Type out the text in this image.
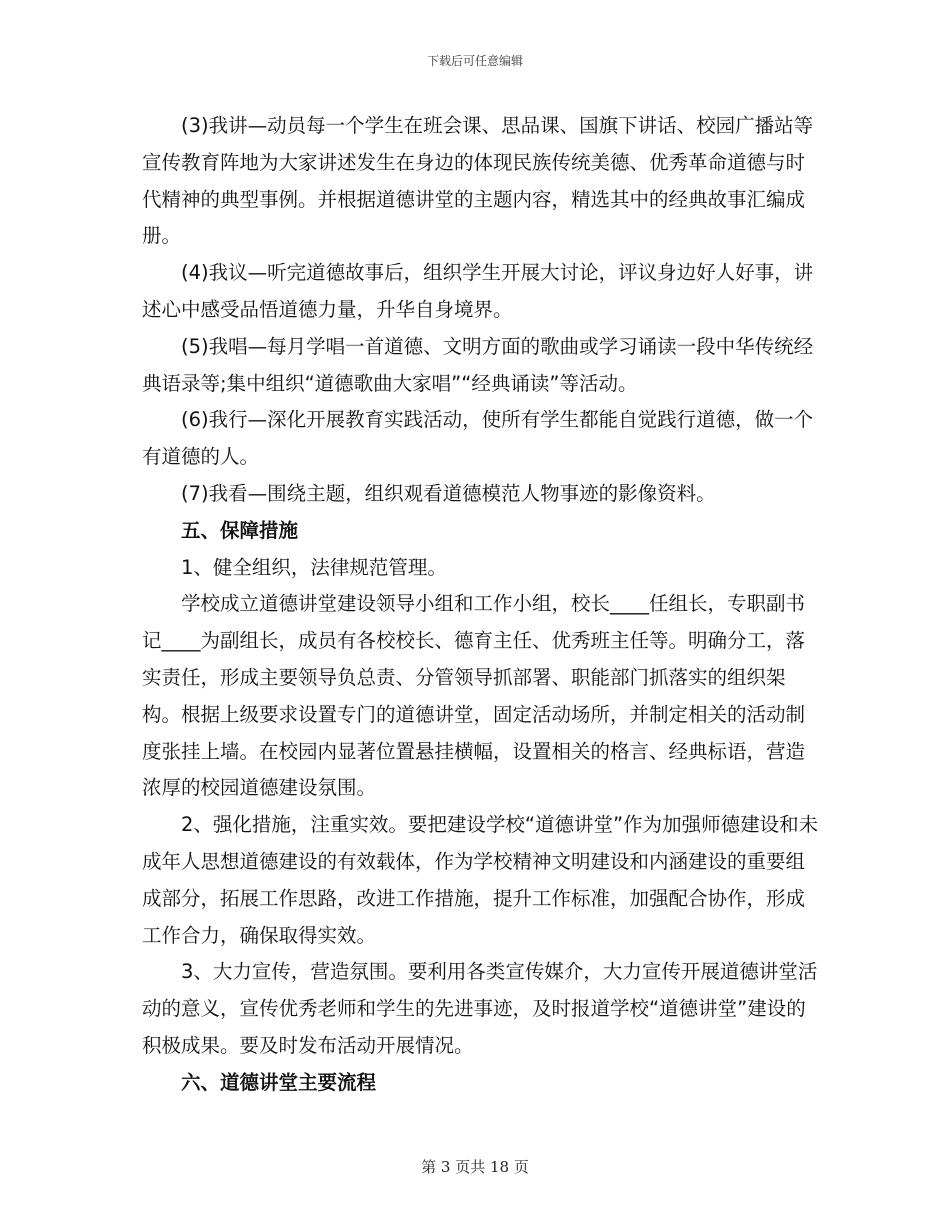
下载后可任意编辑

(3)我讲—动员每一个学生在班会课、思品课、国旗下讲话、校园广播站等宣传教育阵地为大家讲述发生在身边的体现民族传统美德、优秀革命道德与时代精神的典型事例。并根据道德讲堂的主题内容，精选其中的经典故事汇编成册。

(4)我议—听完道德故事后，组织学生开展大讨论，评议身边好人好事，讲述心中感受品悟道德力量，升华自身境界。

(5)我唱—每月学唱一首道德、文明方面的歌曲或学习诵读一段中华传统经典语录等;集中组织“道德歌曲大家唱”“经典诵读”等活动。

(6)我行—深化开展教育实践活动，使所有学生都能自觉践行道德，做一个有道德的人。

(7)我看—围绕主题，组织观看道德模范人物事迹的影像资料。

五、保障措施

1、健全组织，法律规范管理。

学校成立道德讲堂建设领导小组和工作小组，校长____任组长，专职副书记____为副组长，成员有各校校长、德育主任、优秀班主任等。明确分工，落实责任，形成主要领导负总责、分管领导抓部署、职能部门抓落实的组织架构。根据上级要求设置专门的道德讲堂，固定活动场所，并制定相关的活动制度张挂上墙。在校园内显著位置悬挂横幅，设置相关的格言、经典标语，营造浓厚的校园道德建设氛围。

2、强化措施，注重实效。要把建设学校“道德讲堂”作为加强师德建设和未成年人思想道德建设的有效载体，作为学校精神文明建设和内涵建设的重要组成部分，拓展工作思路，改进工作措施，提升工作标准，加强配合协作，形成工作合力，确保取得实效。

3、大力宣传，营造氛围。要利用各类宣传媒介，大力宣传开展道德讲堂活动的意义，宣传优秀老师和学生的先进事迹，及时报道学校“道德讲堂”建设的积极成果。要及时发布活动开展情况。

六、道德讲堂主要流程

第 3 页共 18 页
